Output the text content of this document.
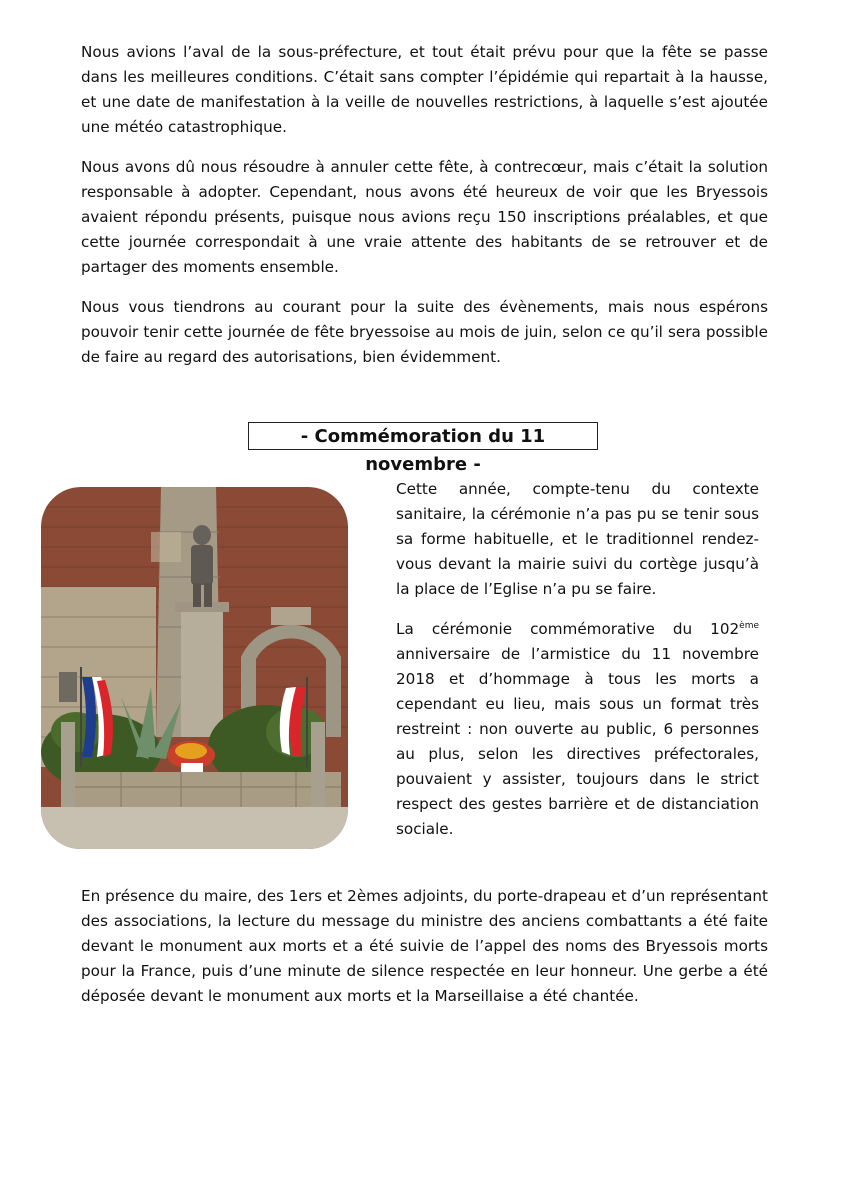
Nous avions l’aval de la sous-préfecture, et tout était prévu pour que la fête se passe dans les meilleures conditions. C’était sans compter l’épidémie qui repartait à la hausse, et une date de manifestation à la veille de nouvelles restrictions, à laquelle s’est ajoutée une météo catastrophique.

Nous avons dû nous résoudre à annuler cette fête, à contrecœur, mais c’était la solution responsable à adopter. Cependant, nous avons été heureux de voir que les Bryessois avaient répondu présents, puisque nous avions reçu 150 inscriptions préalables, et que cette journée correspondait à une vraie attente des habitants de se retrouver et de partager des moments ensemble.

Nous vous tiendrons au courant pour la suite des évènements, mais nous espérons pouvoir tenir cette journée de fête bryessoise au mois de juin, selon ce qu’il sera possible de faire au regard des autorisations, bien évidemment.

- Commémoration du 11 novembre -

Cette année, compte-tenu du contexte sanitaire, la cérémonie n’a pas pu se tenir sous sa forme habituelle, et le traditionnel rendez-vous devant la mairie suivi du cortège jusqu’à la place de l’Eglise n’a pu se faire.

La cérémonie commémorative du 102ème anniversaire de l’armistice du 11 novembre 2018 et d’hommage à tous les morts a cependant eu lieu, mais sous un format très restreint : non ouverte au public, 6 personnes au plus, selon les directives préfectorales, pouvaient y assister, toujours dans le strict respect des gestes barrière et de distanciation sociale.

En présence du maire, des 1ers et 2èmes adjoints, du porte-drapeau et d’un représentant des associations, la lecture du message du ministre des anciens combattants a été faite devant le monument aux morts et a été suivie de l’appel des noms des Bryessois morts pour la France, puis d’une minute de silence respectée en leur honneur. Une gerbe a été déposée devant le monument aux morts et la Marseillaise a été chantée.
